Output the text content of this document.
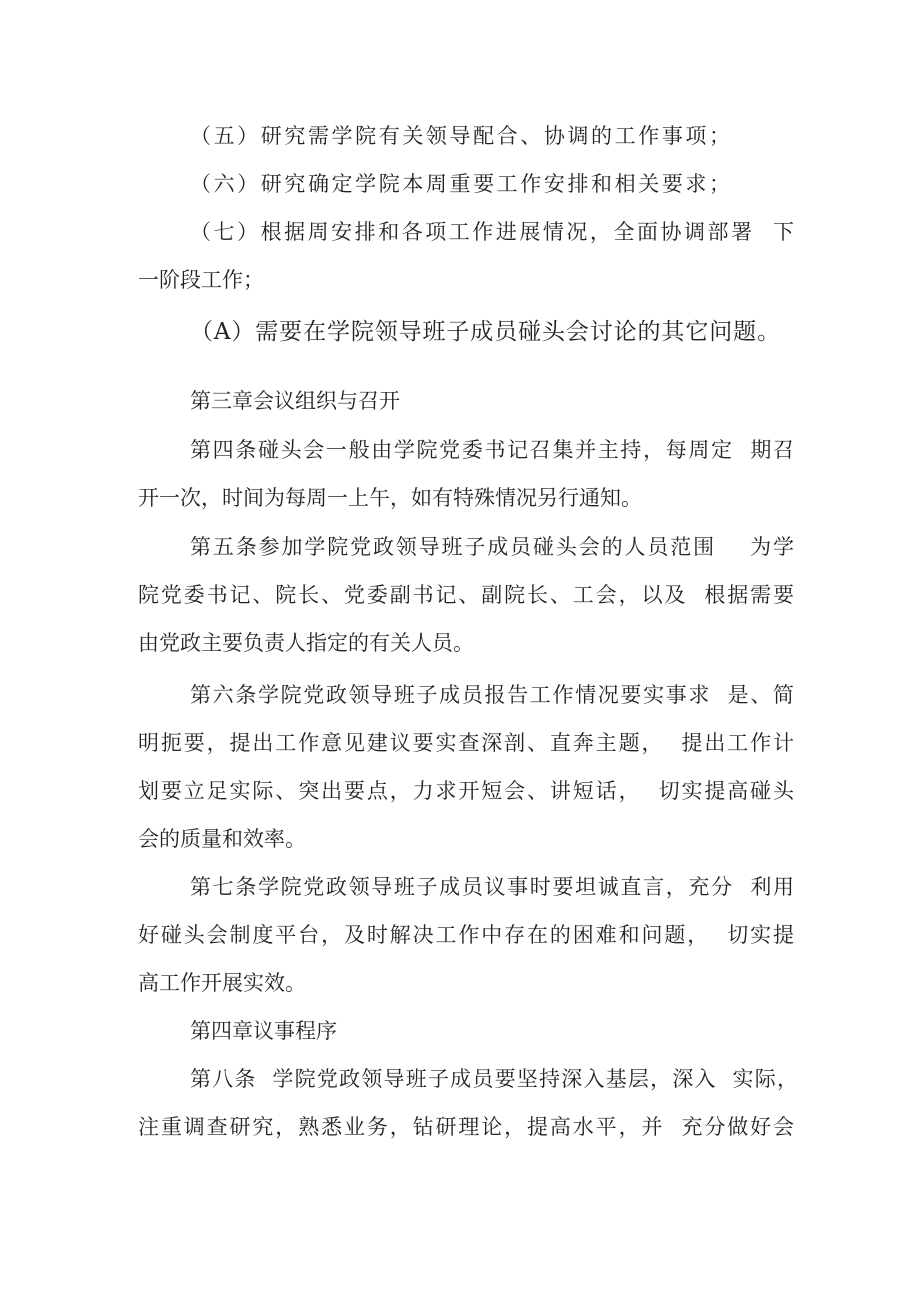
（五）研究需学院有关领导配合、协调的工作事项；
（六）研究确定学院本周重要工作安排和相关要求；
（七）根据周安排和各项工作进展情况，全面协调部署  下
一阶段工作；
（A）需要在学院领导班子成员碰头会讨论的其它问题。
第三章会议组织与召开
第四条碰头会一般由学院党委书记召集并主持，每周定  期召
开一次，时间为每周一上午，如有特殊情况另行通知。
第五条参加学院党政领导班子成员碰头会的人员范围    为学
院党委书记、院长、党委副书记、副院长、工会，以及  根据需要
由党政主要负责人指定的有关人员。
第六条学院党政领导班子成员报告工作情况要实事求  是、简
明扼要，提出工作意见建议要实查深剖、直奔主题，  提出工作计
划要立足实际、突出要点，力求开短会、讲短话，  切实提高碰头
会的质量和效率。
第七条学院党政领导班子成员议事时要坦诚直言，充分  利用
好碰头会制度平台，及时解决工作中存在的困难和问题，  切实提
高工作开展实效。
第四章议事程序
第八条  学院党政领导班子成员要坚持深入基层，深入  实际，
注重调查研究，熟悉业务，钻研理论，提高水平，并  充分做好会
